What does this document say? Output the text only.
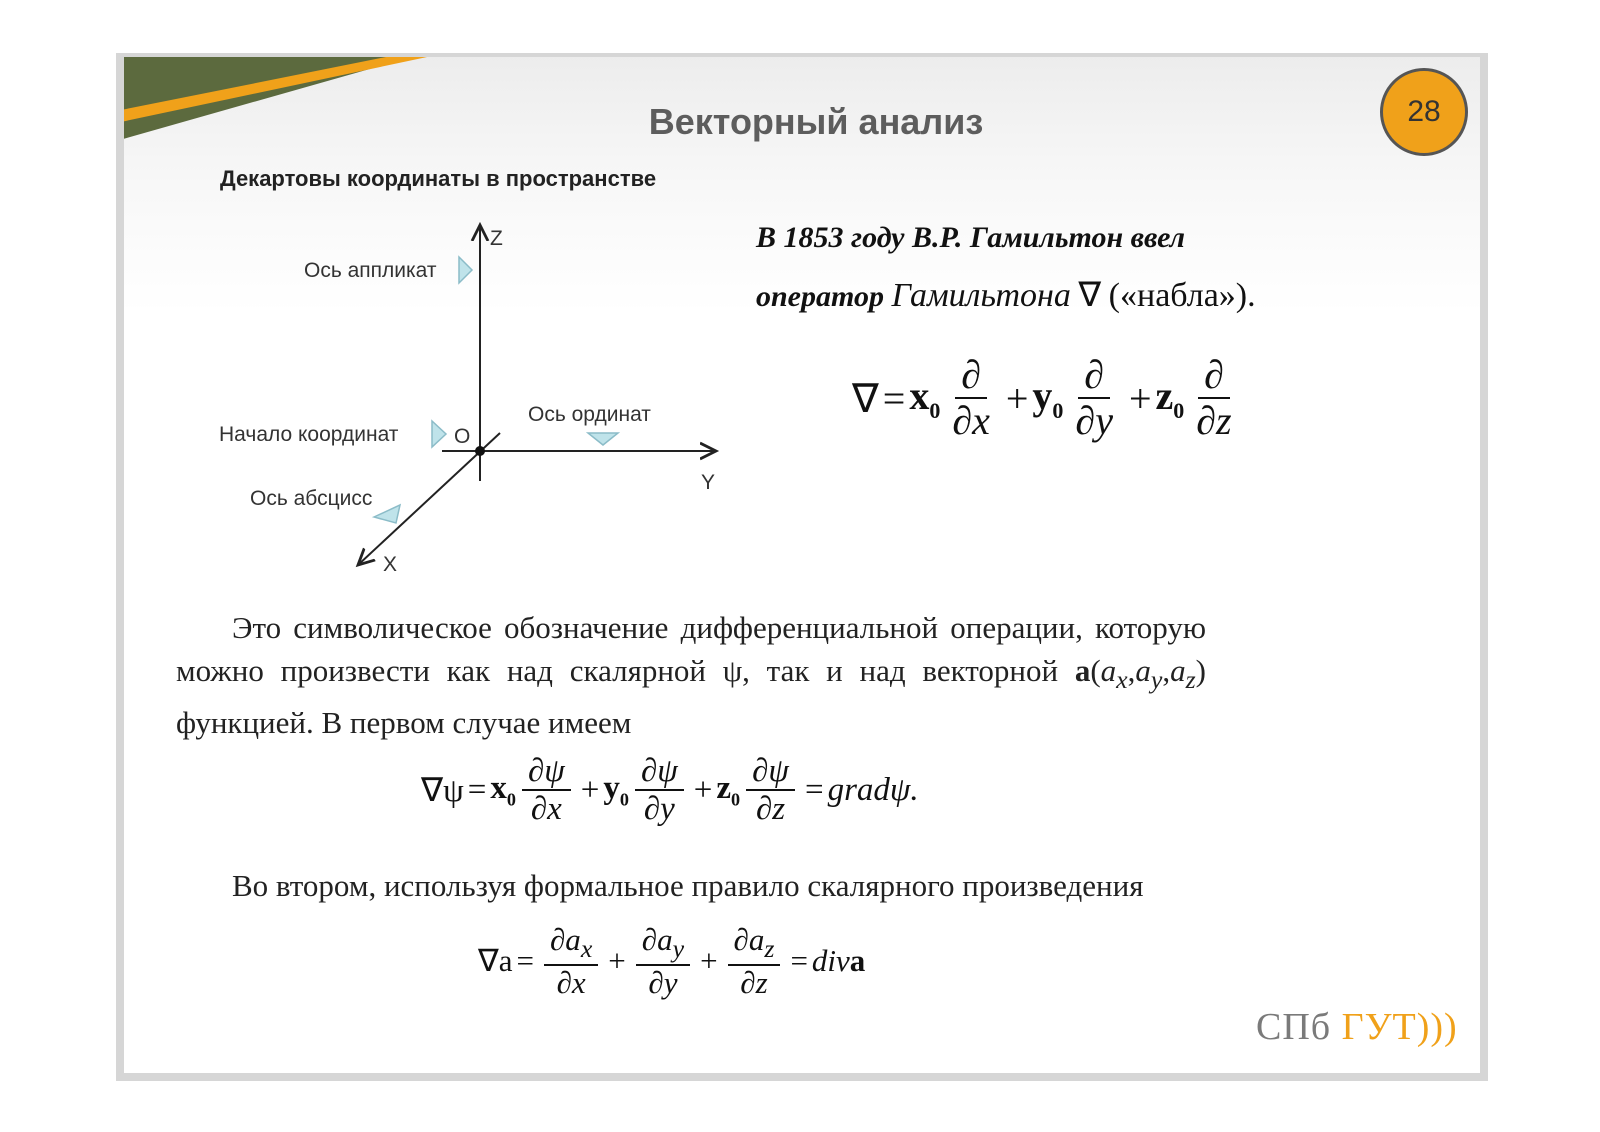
Векторный анализ	28
Декартовы координаты в пространстве
Z
Y
X
O
Ось аппликат
Начало координат
Ось ординат
Ось абсцисс
В 1853 году В.Р. Гамильтон ввел
оператор Гамильтона ∇ («набла»).
∇ = $x_0 \frac{\partial}{\partial x} + y_0 \frac{\partial}{\partial y} + z_0 \frac{\partial}{\partial z}$
Это символическое обозначение дифференциальной операции, которую можно произвести как над скалярной ψ, так и над векторной $a(a_x,a_y,a_z)$ функцией. В первом случае имеем
$\nabla\psi = x_0 \frac{\partial\psi}{\partial x} + y_0 \frac{\partial\psi}{\partial y} + z_0 \frac{\partial\psi}{\partial z}$ = gradψ.
Во втором, используя формальное правило скалярного произведения
$\nabla a = \frac{\partial a_x}{\partial x} + \frac{\partial a_y}{\partial y} + \frac{\partial a_z}{\partial z}$ = div a
СПб ГУТ)))
